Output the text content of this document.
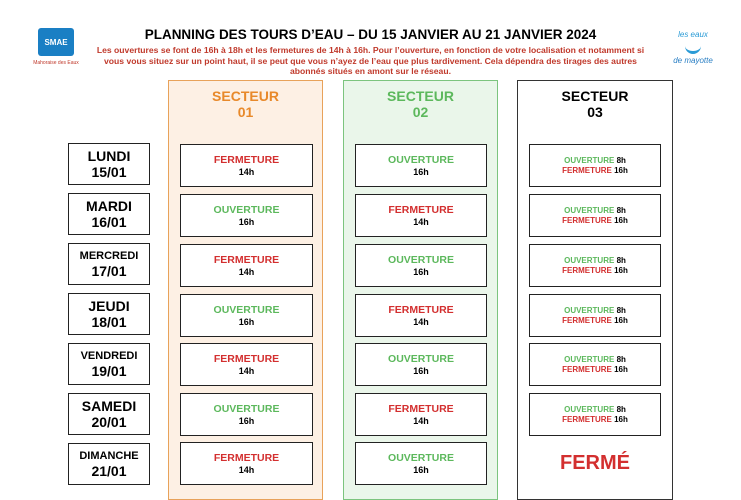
SMAE
Mahoraise des Eaux
les eaux
de mayotte
PLANNING DES TOURS D’EAU – DU 15 JANVIER AU 21 JANVIER 2024
Les ouvertures se font de 16h à 18h et les fermetures de 14h à 16h. Pour l’ouverture, en fonction de votre localisation et notamment si vous vous situez sur un point haut, il se peut que vous n’ayez de l’eau que plus tardivement. Cela dépendra des tirages des autres abonnés situés en amont sur le réseau.
SECTEUR
01
SECTEUR
02
SECTEUR
03
LUNDI
15/01
MARDI
16/01
MERCREDI
17/01
JEUDI
18/01
VENDREDI
19/01
SAMEDI
20/01
DIMANCHE
21/01
FERMETURE
14h
OUVERTURE
16h
FERMETURE
14h
OUVERTURE
16h
FERMETURE
14h
OUVERTURE
16h
FERMETURE
14h
OUVERTURE
16h
FERMETURE
14h
OUVERTURE
16h
FERMETURE
14h
OUVERTURE
16h
FERMETURE
14h
OUVERTURE
16h
OUVERTURE 8h
FERMETURE 16h
OUVERTURE 8h
FERMETURE 16h
OUVERTURE 8h
FERMETURE 16h
OUVERTURE 8h
FERMETURE 16h
OUVERTURE 8h
FERMETURE 16h
OUVERTURE 8h
FERMETURE 16h
FERMÉ
